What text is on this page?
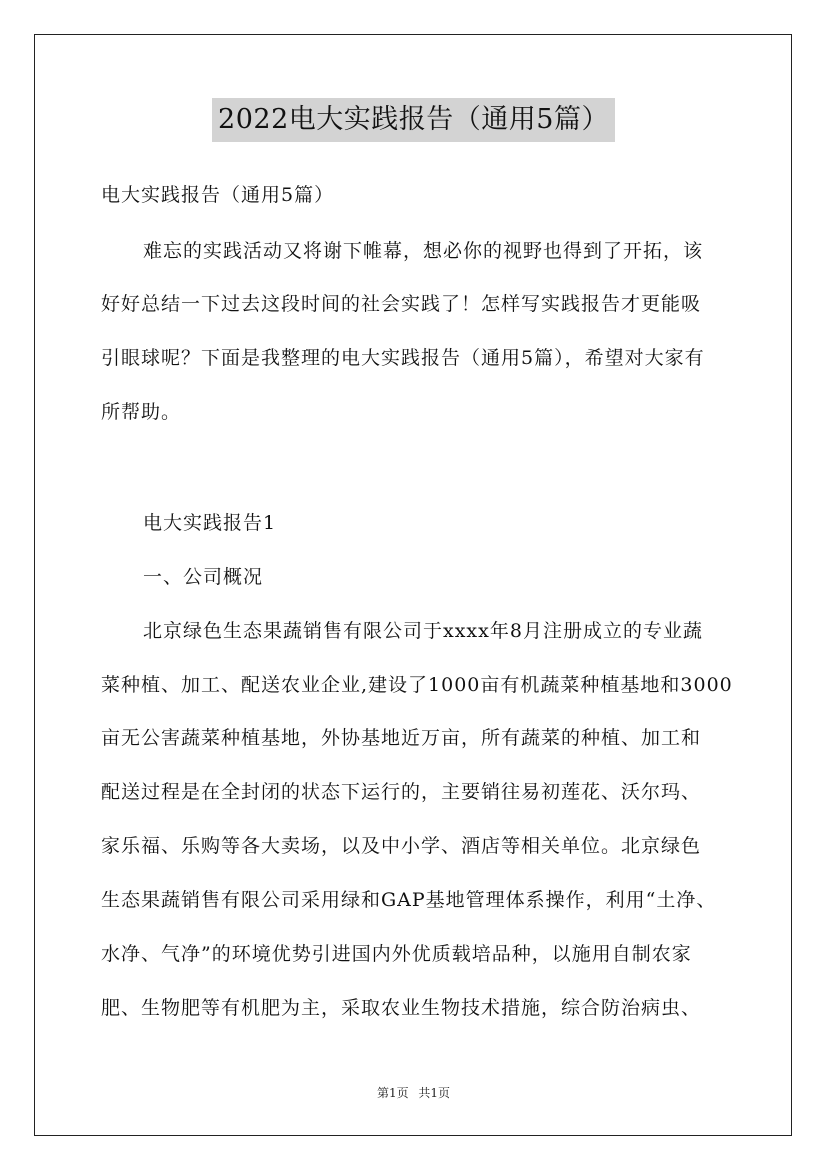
2022电大实践报告（通用5篇）
电大实践报告（通用5篇）
难忘的实践活动又将谢下帷幕，想必你的视野也得到了开拓，该
好好总结一下过去这段时间的社会实践了！怎样写实践报告才更能吸
引眼球呢？下面是我整理的电大实践报告（通用5篇），希望对大家有
所帮助。
电大实践报告1
一、公司概况
北京绿色生态果蔬销售有限公司于xxxx年8月注册成立的专业蔬
菜种植、加工、配送农业企业,建设了1000亩有机蔬菜种植基地和3000
亩无公害蔬菜种植基地，外协基地近万亩，所有蔬菜的种植、加工和
配送过程是在全封闭的状态下运行的，主要销往易初莲花、沃尔玛、
家乐福、乐购等各大卖场，以及中小学、酒店等相关单位。北京绿色
生态果蔬销售有限公司采用绿和GAP基地管理体系操作，利用“土净、
水净、气净”的环境优势引进国内外优质载培品种，以施用自制农家
肥、生物肥等有机肥为主，采取农业生物技术措施，综合防治病虫、
第1页 共1页
